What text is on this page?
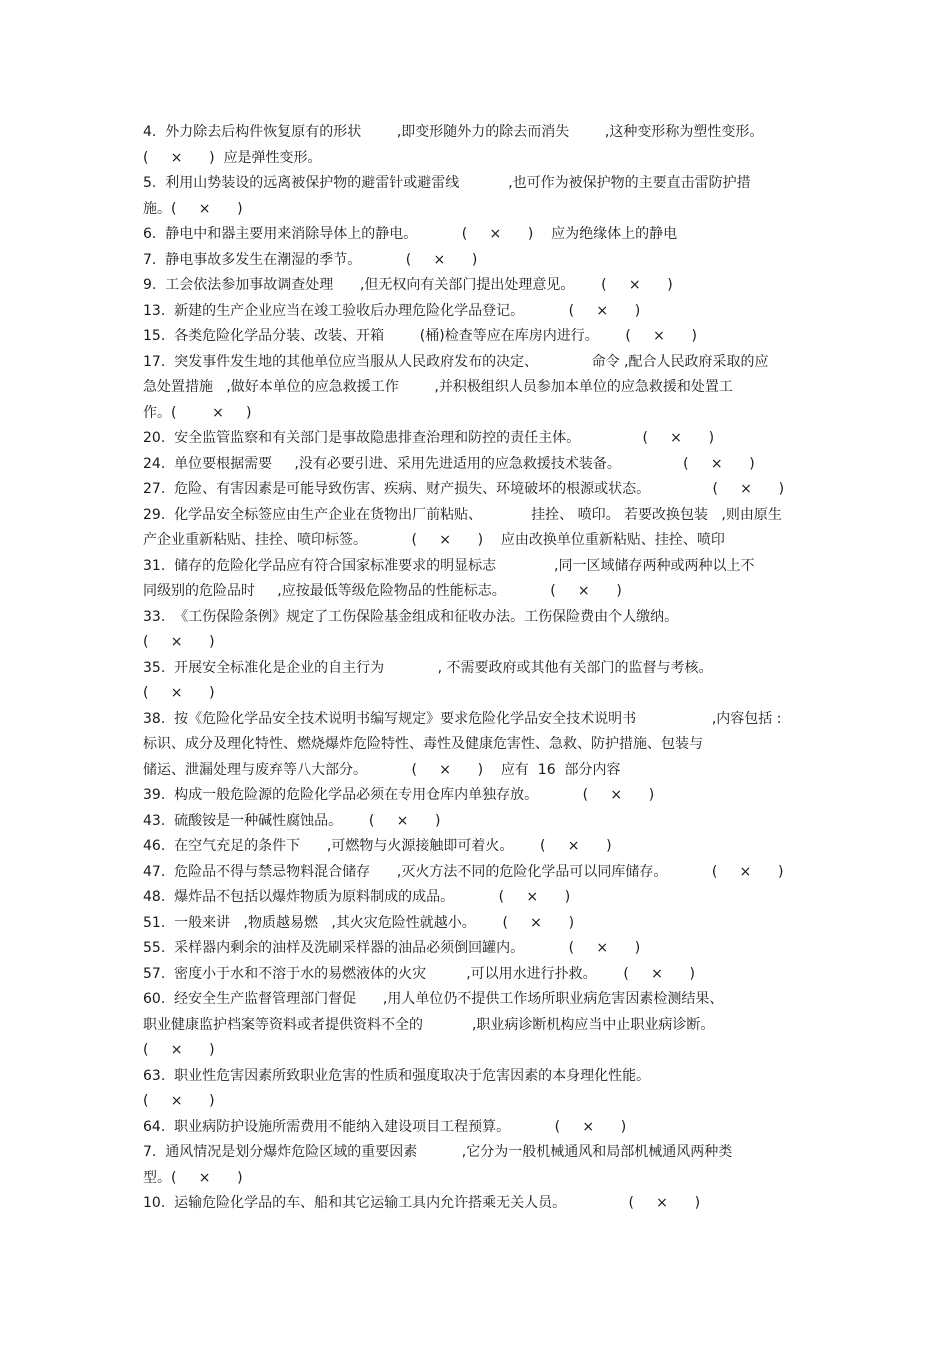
4.  外力除去后构件恢复原有的形状        ,即变形随外力的除去而消失        ,这种变形称为塑性变形。
(     ×      )  应是弹性变形。
5.  利用山势装设的远离被保护物的避雷针或避雷线           ,也可作为被保护物的主要直击雷防护措
施。(     ×      )
6.  静电中和器主要用来消除导体上的静电。          (     ×      )    应为绝缘体上的静电
7.  静电事故多发生在潮湿的季节。          (     ×      )
9.  工会依法参加事故调查处理      ,但无权向有关部门提出处理意见。      (     ×      )
13.  新建的生产企业应当在竣工验收后办理危险化学品登记。          (     ×      )
15.  各类危险化学品分装、改装、开箱        (桶)检查等应在库房内进行。      (     ×      )
17.  突发事件发生地的其他单位应当服从人民政府发布的决定、            命令 ,配合人民政府采取的应
急处置措施   ,做好本单位的应急救援工作        ,并积极组织人员参加本单位的应急救援和处置工
作。(        ×     )
20.  安全监管监察和有关部门是事故隐患排查治理和防控的责任主体。              (     ×      )
24.  单位要根据需要     ,没有必要引进、采用先进适用的应急救援技术装备。              (     ×      )
27.  危险、有害因素是可能导致伤害、疾病、财产损失、环境破坏的根源或状态。              (     ×      )
29.  化学品安全标签应由生产企业在货物出厂前粘贴、           挂拴、 喷印。 若要改换包装   ,则由原生
产企业重新粘贴、挂拴、喷印标签。          (     ×      )    应由改换单位重新粘贴、挂拴、喷印
31.  储存的危险化学品应有符合国家标准要求的明显标志             ,同一区域储存两种或两种以上不
同级别的危险品时     ,应按最低等级危险物品的性能标志。          (     ×      )
33.  《工伤保险条例》规定了工伤保险基金组成和征收办法。工伤保险费由个人缴纳。
(     ×      )
35.  开展安全标准化是企业的自主行为            , 不需要政府或其他有关部门的监督与考核。
(     ×      )
38.  按《危险化学品安全技术说明书编写规定》要求危险化学品安全技术说明书                 ,内容包括 :
标识、成分及理化特性、燃烧爆炸危险特性、毒性及健康危害性、急救、防护措施、包装与
储运、泄漏处理与废弃等八大部分。          (     ×      )    应有  16  部分内容
39.  构成一般危险源的危险化学品必须在专用仓库内单独存放。          (     ×      )
43.  硫酸铵是一种碱性腐蚀品。      (     ×      )
46.  在空气充足的条件下      ,可燃物与火源接触即可着火。      (     ×      )
47.  危险品不得与禁忌物料混合储存      ,灭火方法不同的危险化学品可以同库储存。          (     ×      )
48.  爆炸品不包括以爆炸物质为原料制成的成品。          (     ×      )
51.  一般来讲   ,物质越易燃   ,其火灾危险性就越小。      (     ×      )
55.  采样器内剩余的油样及洗刷采样器的油品必须倒回罐内。          (     ×      )
57.  密度小于水和不溶于水的易燃液体的火灾         ,可以用水进行扑救。      (     ×      )
60.  经安全生产监督管理部门督促      ,用人单位仍不提供工作场所职业病危害因素检测结果、
职业健康监护档案等资料或者提供资料不全的           ,职业病诊断机构应当中止职业病诊断。
(     ×      )
63.  职业性危害因素所致职业危害的性质和强度取决于危害因素的本身理化性能。
(     ×      )
64.  职业病防护设施所需费用不能纳入建设项目工程预算。          (     ×      )
7.  通风情况是划分爆炸危险区域的重要因素          ,它分为一般机械通风和局部机械通风两种类
型。(     ×      )
10.  运输危险化学品的车、船和其它运输工具内允许搭乘无关人员。              (     ×      )
